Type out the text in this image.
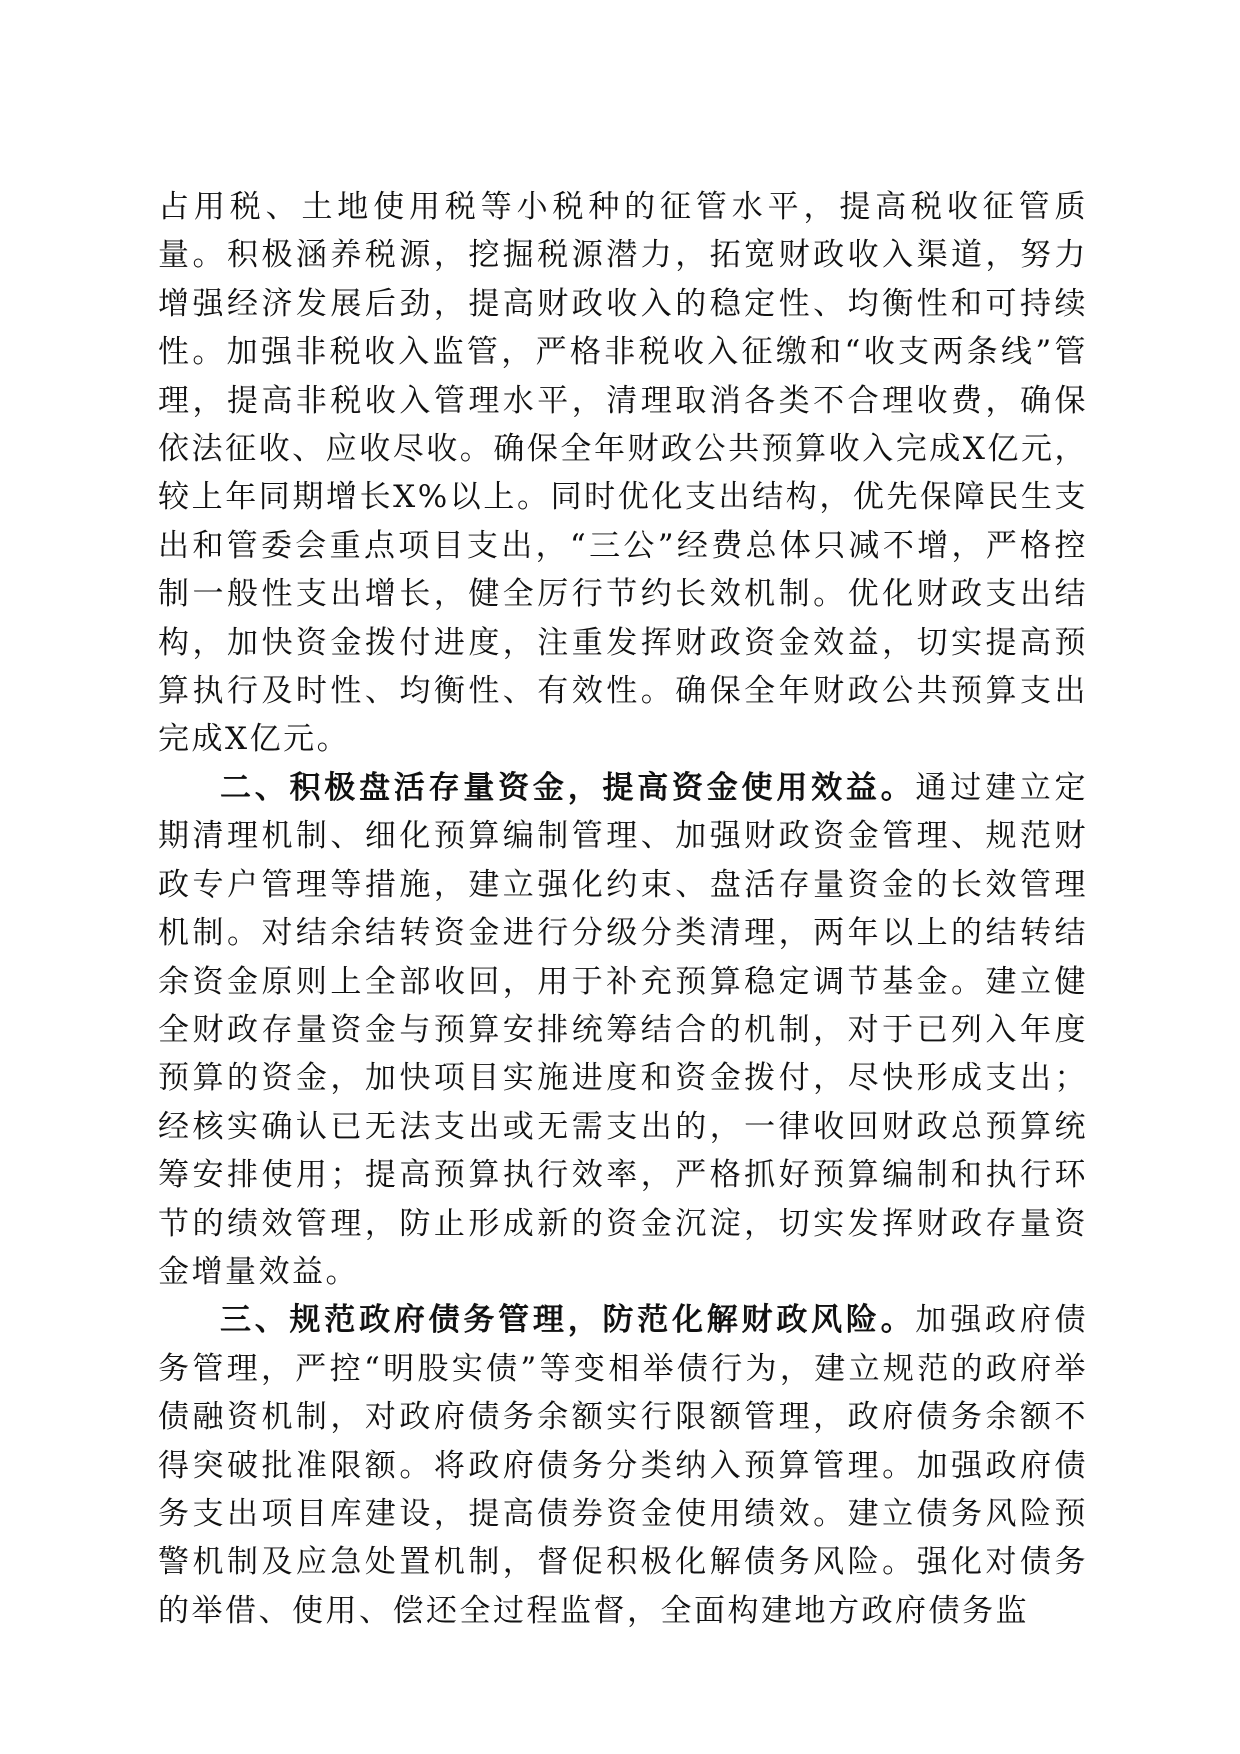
占用税、土地使用税等小税种的征管水平，提高税收征管质量。积极涵养税源，挖掘税源潜力，拓宽财政收入渠道，努力增强经济发展后劲，提高财政收入的稳定性、均衡性和可持续性。加强非税收入监管，严格非税收入征缴和“收支两条线”管理，提高非税收入管理水平，清理取消各类不合理收费，确保依法征收、应收尽收。确保全年财政公共预算收入完成X亿元，较上年同期增长X%以上。同时优化支出结构，优先保障民生支出和管委会重点项目支出，“三公”经费总体只减不增，严格控制一般性支出增长，健全厉行节约长效机制。优化财政支出结构，加快资金拨付进度，注重发挥财政资金效益，切实提高预算执行及时性、均衡性、有效性。确保全年财政公共预算支出完成X亿元。

二、积极盘活存量资金，提高资金使用效益。通过建立定期清理机制、细化预算编制管理、加强财政资金管理、规范财政专户管理等措施，建立强化约束、盘活存量资金的长效管理机制。对结余结转资金进行分级分类清理，两年以上的结转结余资金原则上全部收回，用于补充预算稳定调节基金。建立健全财政存量资金与预算安排统筹结合的机制，对于已列入年度预算的资金，加快项目实施进度和资金拨付，尽快形成支出；经核实确认已无法支出或无需支出的，一律收回财政总预算统筹安排使用；提高预算执行效率，严格抓好预算编制和执行环节的绩效管理，防止形成新的资金沉淀，切实发挥财政存量资金增量效益。

三、规范政府债务管理，防范化解财政风险。加强政府债务管理，严控“明股实债”等变相举债行为，建立规范的政府举债融资机制，对政府债务余额实行限额管理，政府债务余额不得突破批准限额。将政府债务分类纳入预算管理。加强政府债务支出项目库建设，提高债券资金使用绩效。建立债务风险预警机制及应急处置机制，督促积极化解债务风险。强化对债务的举借、使用、偿还全过程监督，全面构建地方政府债务监
